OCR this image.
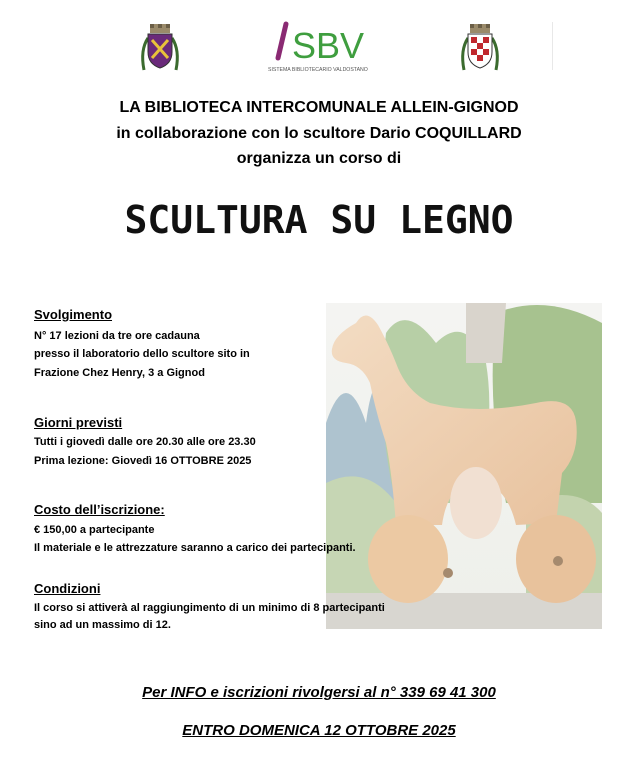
SBV
SISTEMA BIBLIOTECARIO VALDOSTANO
LA BIBLIOTECA INTERCOMUNALE ALLEIN-GIGNOD
in collaborazione con lo scultore Dario COQUILLARD
organizza un corso di
SCULTURA SU LEGNO
Svolgimento
N° 17 lezioni da tre ore cadauna
presso il laboratorio dello scultore sito in
Frazione Chez Henry, 3 a Gignod
Giorni previsti
Tutti i giovedì dalle ore 20.30 alle ore 23.30
Prima lezione: Giovedì 16 OTTOBRE 2025
Costo dell’iscrizione:
€ 150,00 a partecipante
Il materiale e le attrezzature saranno a carico dei partecipanti.
Condizioni
Il corso si attiverà al raggiungimento di un minimo di 8 partecipanti
sino ad un massimo di 12.
Per INFO e iscrizioni rivolgersi al n° 339 69 41 300
ENTRO DOMENICA 12 OTTOBRE 2025
